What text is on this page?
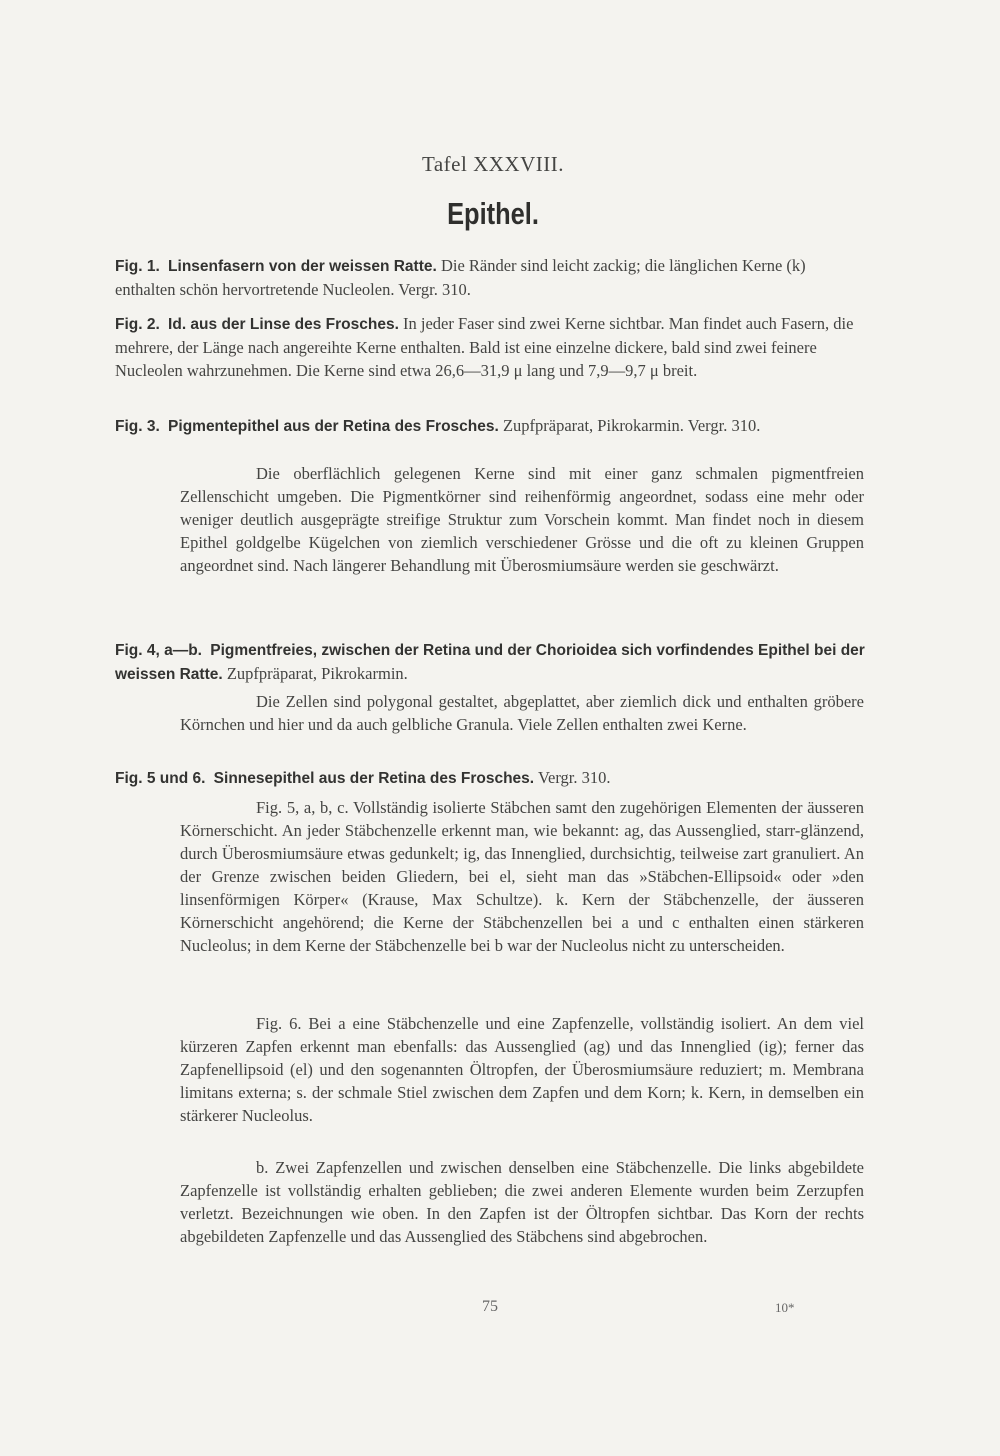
Tafel XXXVIII.
Epithel.
Fig. 1. Linsenfasern von der weissen Ratte. Die Ränder sind leicht zackig; die länglichen Kerne (k) enthalten schön hervortretende Nucleolen. Vergr. 310.
Fig. 2. Id. aus der Linse des Frosches. In jeder Faser sind zwei Kerne sichtbar. Man findet auch Fasern, die mehrere, der Länge nach angereihte Kerne enthalten. Bald ist eine einzelne dickere, bald sind zwei feinere Nucleolen wahrzunehmen. Die Kerne sind etwa 26,6—31,9 μ lang und 7,9—9,7 μ breit.
Fig. 3. Pigmentepithel aus der Retina des Frosches. Zupfpräparat, Pikrokarmin. Vergr. 310.
Die oberflächlich gelegenen Kerne sind mit einer ganz schmalen pigmentfreien Zellenschicht umgeben. Die Pigmentkörner sind reihenförmig angeordnet, sodass eine mehr oder weniger deutlich ausgeprägte streifige Struktur zum Vorschein kommt. Man findet noch in diesem Epithel goldgelbe Kügelchen von ziemlich verschiedener Grösse und die oft zu kleinen Gruppen angeordnet sind. Nach längerer Behandlung mit Überosmiumsäure werden sie geschwärzt.
Fig. 4, a—b. Pigmentfreies, zwischen der Retina und der Chorioidea sich vorfindendes Epithel bei der weissen Ratte. Zupfpräparat, Pikrokarmin.
Die Zellen sind polygonal gestaltet, abgeplattet, aber ziemlich dick und enthalten gröbere Körnchen und hier und da auch gelbliche Granula. Viele Zellen enthalten zwei Kerne.
Fig. 5 und 6. Sinnesepithel aus der Retina des Frosches. Vergr. 310.
Fig. 5, a, b, c. Vollständig isolierte Stäbchen samt den zugehörigen Elementen der äusseren Körnerschicht. An jeder Stäbchenzelle erkennt man, wie bekannt: ag, das Aussenglied, starr-glänzend, durch Überosmiumsäure etwas gedunkelt; ig, das Innenglied, durchsichtig, teilweise zart granuliert. An der Grenze zwischen beiden Gliedern, bei el, sieht man das »Stäbchen-Ellipsoid« oder »den linsenförmigen Körper« (Krause, Max Schultze). k. Kern der Stäbchenzelle, der äusseren Körnerschicht angehörend; die Kerne der Stäbchenzellen bei a und c enthalten einen stärkeren Nucleolus; in dem Kerne der Stäbchenzelle bei b war der Nucleolus nicht zu unterscheiden.
Fig. 6. Bei a eine Stäbchenzelle und eine Zapfenzelle, vollständig isoliert. An dem viel kürzeren Zapfen erkennt man ebenfalls: das Aussenglied (ag) und das Innenglied (ig); ferner das Zapfenellipsoid (el) und den sogenannten Öltropfen, der Überosmiumsäure reduziert; m. Membrana limitans externa; s. der schmale Stiel zwischen dem Zapfen und dem Korn; k. Kern, in demselben ein stärkerer Nucleolus.
b. Zwei Zapfenzellen und zwischen denselben eine Stäbchenzelle. Die links abgebildete Zapfenzelle ist vollständig erhalten geblieben; die zwei anderen Elemente wurden beim Zerzupfen verletzt. Bezeichnungen wie oben. In den Zapfen ist der Öltropfen sichtbar. Das Korn der rechts abgebildeten Zapfenzelle und das Aussenglied des Stäbchens sind abgebrochen.
75	10*
